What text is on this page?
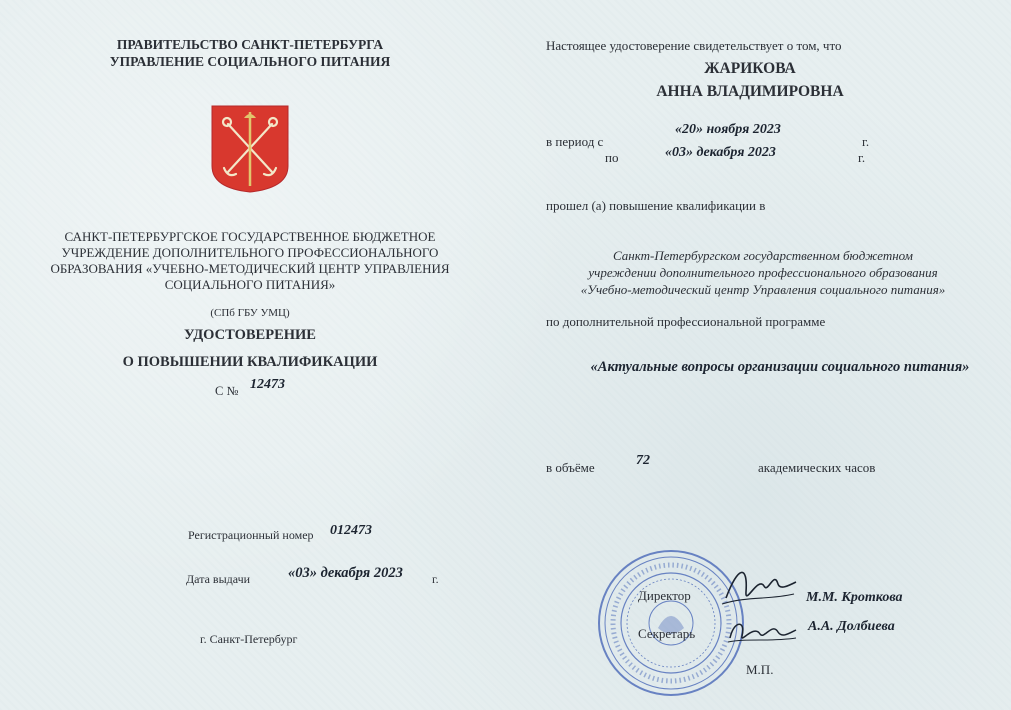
ПРАВИТЕЛЬСТВО САНКТ-ПЕТЕРБУРГА
УПРАВЛЕНИЕ СОЦИАЛЬНОГО ПИТАНИЯ
САНКТ-ПЕТЕРБУРГСКОЕ ГОСУДАРСТВЕННОЕ БЮДЖЕТНОЕ
УЧРЕЖДЕНИЕ ДОПОЛНИТЕЛЬНОГО ПРОФЕССИОНАЛЬНОГО
ОБРАЗОВАНИЯ «УЧЕБНО-МЕТОДИЧЕСКИЙ ЦЕНТР УПРАВЛЕНИЯ
СОЦИАЛЬНОГО ПИТАНИЯ»
(СПб ГБУ УМЦ)
УДОСТОВЕРЕНИЕ
О ПОВЫШЕНИИ КВАЛИФИКАЦИИ
С № 12473
Регистрационный номер 012473
Дата выдачи	«03» декабря 2023 г.
г. Санкт-Петербург
Настоящее удостоверение свидетельствует о том, что
ЖАРИКОВА
АННА ВЛАДИМИРОВНА
в период с
«20» ноября 2023
г.
по	«03» декабря 2023	г.
прошел (а) повышение квалификации в
Санкт-Петербургском государственном бюджетном
учреждении дополнительного профессионального образования
«Учебно-методический центр Управления социального питания»
по дополнительной профессиональной программе
«Актуальные вопросы организации социального питания»
в объёме	72	академических часов
Директор	М.М. Кроткова
Секретарь	А.А. Долбиева
М.П.
